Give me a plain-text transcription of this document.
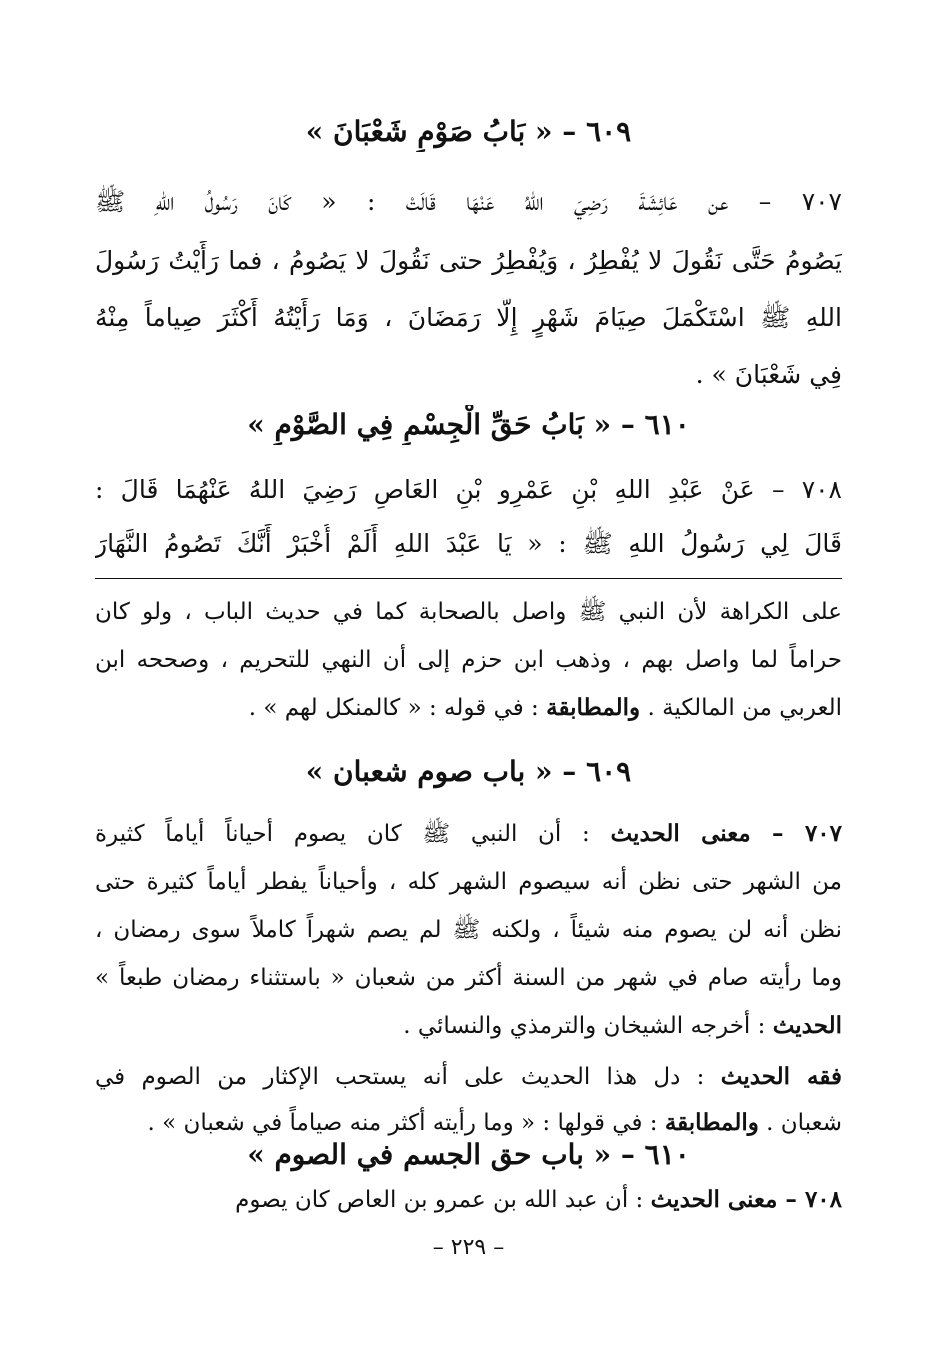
٦٠٩ – « بَابُ صَوْمِ شَعْبَانَ »
٧٠٧ – عن عَائِشَةَ رَضِيَ اللهُ عَنْهَا قَالَتْ : « كَانَ رَسُولُ اللهِ ﷺ
يَصُومُ حَتَّى نَقُولَ لا يُفْطِرُ ، وَيُفْطِرُ حتى نَقُولَ لا يَصُومُ ، فما رَأَيْتُ رَسُولَ
اللهِ ﷺ اسْتَكْمَلَ صِيَامَ شَهْرٍ إِلَّا رَمَضَانَ ، وَمَا رَأَيْتُهُ أَكْثَرَ صِياماً مِنْهُ
فِي شَعْبَانَ » .
٦١٠ – « بَابُ حَقِّ الْجِسْمِ فِي الصَّوْمِ »
٧٠٨ – عَنْ عَبْدِ اللهِ بْنِ عَمْرِو بْنِ العَاصِ رَضِيَ اللهُ عَنْهُمَا قَالَ :
قَالَ لِي رَسُولُ اللهِ ﷺ : « يَا عَبْدَ اللهِ أَلَمْ أُخْبَرْ أَنَّكَ تَصُومُ النَّهَارَ
على الكراهة لأن النبي ﷺ واصل بالصحابة كما في حديث الباب ، ولو كان
حراماً لما واصل بهم ، وذهب ابن حزم إلى أن النهي للتحريم ، وصححه ابن
العربي من المالكية . والمطابقة : في قوله : « كالمنكل لهم » .
٦٠٩ – « باب صوم شعبان »
٧٠٧ – معنى الحديث : أن النبي ﷺ كان يصوم أحياناً أياماً كثيرة
من الشهر حتى نظن أنه سيصوم الشهر كله ، وأحياناً يفطر أياماً كثيرة حتى
نظن أنه لن يصوم منه شيئاً ، ولكنه ﷺ لم يصم شهراً كاملاً سوى رمضان ،
وما رأيته صام في شهر من السنة أكثر من شعبان « باستثناء رمضان طبعاً »
الحديث : أخرجه الشيخان والترمذي والنسائي .
فقه الحديث : دل هذا الحديث على أنه يستحب الإكثار من الصوم في
شعبان . والمطابقة : في قولها : « وما رأيته أكثر منه صياماً في شعبان » .
٦١٠ – « باب حق الجسم في الصوم »
٧٠٨ – معنى الحديث : أن عبد الله بن عمرو بن العاص كان يصوم
– ٢٢٩ –
